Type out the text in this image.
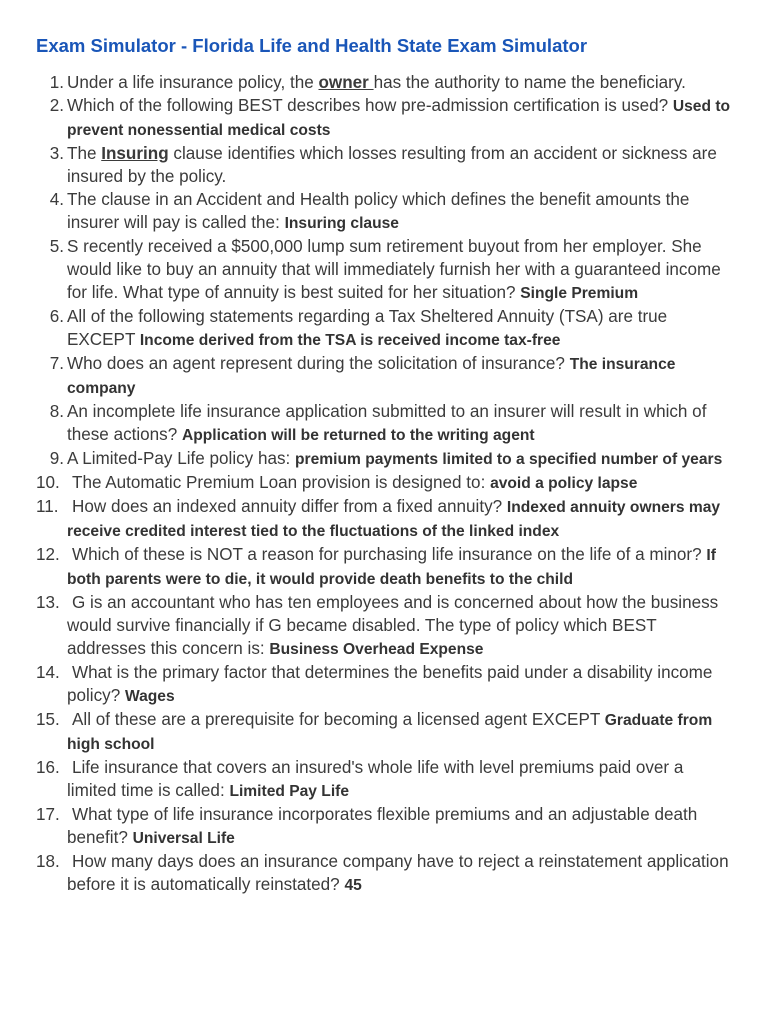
Exam Simulator - Florida Life and Health State Exam Simulator
1. Under a life insurance policy, the owner has the authority to name the beneficiary.
2. Which of the following BEST describes how pre-admission certification is used? Used to prevent nonessential medical costs
3. The Insuring clause identifies which losses resulting from an accident or sickness are insured by the policy.
4. The clause in an Accident and Health policy which defines the benefit amounts the insurer will pay is called the: Insuring clause
5. S recently received a $500,000 lump sum retirement buyout from her employer. She would like to buy an annuity that will immediately furnish her with a guaranteed income for life. What type of annuity is best suited for her situation? Single Premium
6. All of the following statements regarding a Tax Sheltered Annuity (TSA) are true EXCEPT Income derived from the TSA is received income tax-free
7. Who does an agent represent during the solicitation of insurance? The insurance company
8. An incomplete life insurance application submitted to an insurer will result in which of these actions? Application will be returned to the writing agent
9. A Limited-Pay Life policy has: premium payments limited to a specified number of years
10. The Automatic Premium Loan provision is designed to: avoid a policy lapse
11. How does an indexed annuity differ from a fixed annuity? Indexed annuity owners may receive credited interest tied to the fluctuations of the linked index
12. Which of these is NOT a reason for purchasing life insurance on the life of a minor? If both parents were to die, it would provide death benefits to the child
13. G is an accountant who has ten employees and is concerned about how the business would survive financially if G became disabled. The type of policy which BEST addresses this concern is: Business Overhead Expense
14. What is the primary factor that determines the benefits paid under a disability income policy? Wages
15. All of these are a prerequisite for becoming a licensed agent EXCEPT Graduate from high school
16. Life insurance that covers an insured's whole life with level premiums paid over a limited time is called: Limited Pay Life
17. What type of life insurance incorporates flexible premiums and an adjustable death benefit? Universal Life
18. How many days does an insurance company have to reject a reinstatement application before it is automatically reinstated? 45
